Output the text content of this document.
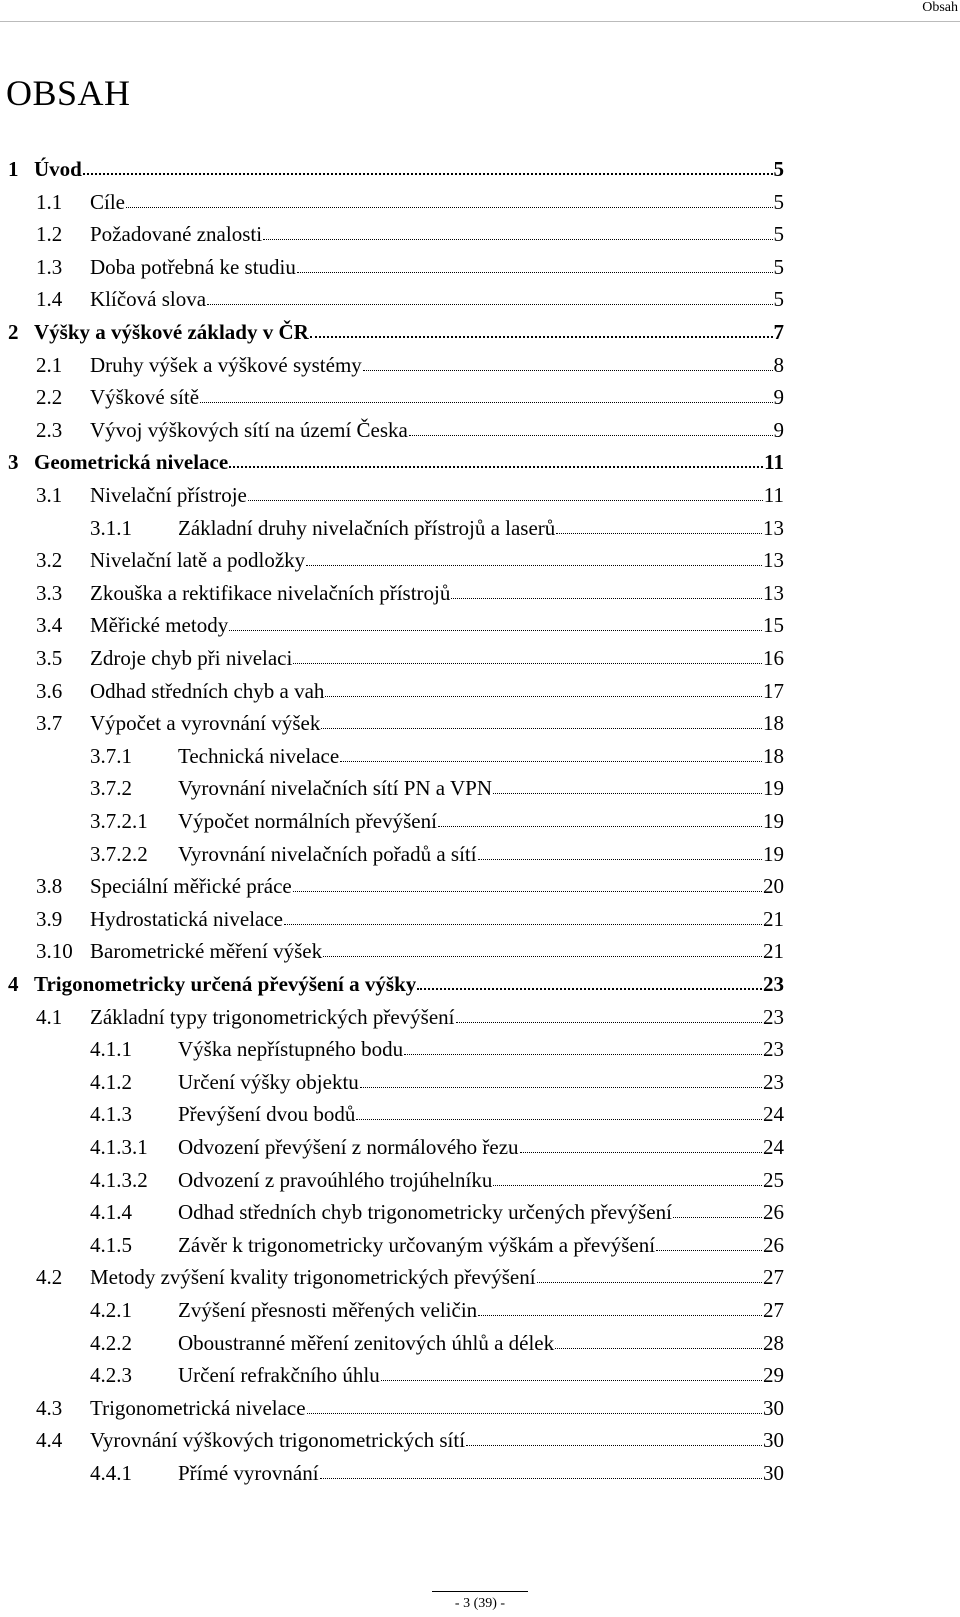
Obsah
OBSAH
1 Úvod	5
1.1 Cíle	5
1.2 Požadované znalosti	5
1.3 Doba potřebná ke studiu	5
1.4 Klíčová slova	5
2 Výšky a výškové základy v ČR	7
2.1 Druhy výšek a výškové systémy	8
2.2 Výškové sítě	9
2.3 Vývoj výškových sítí na území Česka	9
3 Geometrická nivelace	11
3.1 Nivelační přístroje	11
3.1.1 Základní druhy nivelačních přístrojů a laserů	13
3.2 Nivelační latě a podložky	13
3.3 Zkouška a rektifikace nivelačních přístrojů	13
3.4 Měřické metody	15
3.5 Zdroje chyb při nivelaci	16
3.6 Odhad středních chyb a vah	17
3.7 Výpočet a vyrovnání výšek	18
3.7.1 Technická nivelace	18
3.7.2 Vyrovnání nivelačních sítí PN a VPN	19
3.7.2.1 Výpočet normálních převýšení	19
3.7.2.2 Vyrovnání nivelačních pořadů a sítí	19
3.8 Speciální měřické práce	20
3.9 Hydrostatická nivelace	21
3.10 Barometrické měření výšek	21
4 Trigonometricky určená převýšení a výšky	23
4.1 Základní typy trigonometrických převýšení	23
4.1.1 Výška nepřístupného bodu	23
4.1.2 Určení výšky objektu	23
4.1.3 Převýšení dvou bodů	24
4.1.3.1 Odvození převýšení z normálového řezu	24
4.1.3.2 Odvození z pravoúhlého trojúhelníku	25
4.1.4 Odhad středních chyb trigonometricky určených převýšení	26
4.1.5 Závěr k trigonometricky určovaným výškám a převýšení	26
4.2 Metody zvýšení kvality trigonometrických převýšení	27
4.2.1 Zvýšení přesnosti měřených veličin	27
4.2.2 Oboustranné měření zenitových úhlů a délek	28
4.2.3 Určení refrakčního úhlu	29
4.3 Trigonometrická nivelace	30
4.4 Vyrovnání výškových trigonometrických sítí	30
4.4.1 Přímé vyrovnání	30
- 3 (39) -
